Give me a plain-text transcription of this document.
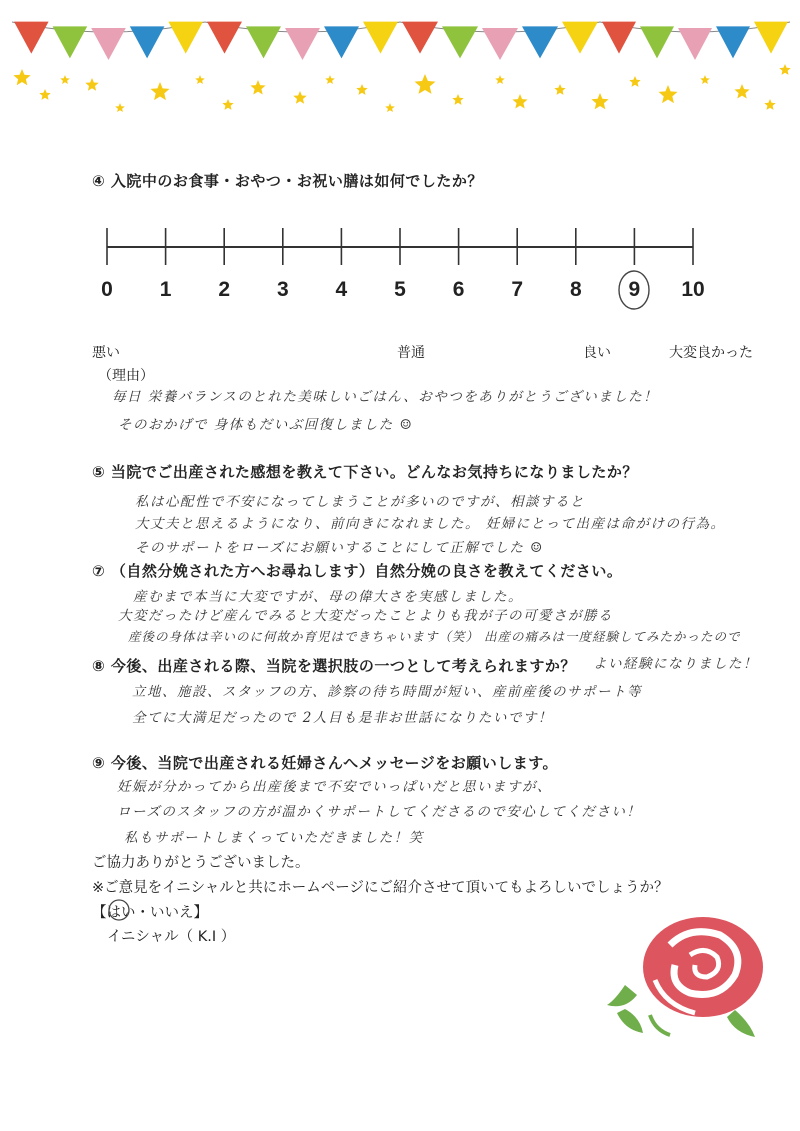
④ 入院中のお食事・おやつ・お祝い膳は如何でしたか？
0	1	2	3	4	5	6	7	8	9	10
悪い	普通	良い	大変良かった
（理由）
毎日 栄養バランスのとれた美味しいごはん、おやつをありがとうございました！
そのおかげで 身体もだいぶ回復しました ☺
⑤ 当院でご出産された感想を教えて下さい。どんなお気持ちになりましたか？
私は心配性で不安になってしまうことが多いのですが、相談すると
大丈夫と思えるようになり、前向きになれました。 妊婦にとって出産は命がけの行為。
そのサポートをローズにお願いすることにして正解でした ☺
⑦ （自然分娩された方へお尋ねします）自然分娩の良さを教えてください。
産むまで本当に大変ですが、母の偉大さを実感しました。
大変だったけど産んでみると大変だったことよりも我が子の可愛さが勝る
産後の身体は辛いのに何故か育児はできちゃいます（笑） 出産の痛みは一度経験してみたかったので
よい経験になりました！
⑧ 今後、出産される際、当院を選択肢の一つとして考えられますか？
立地、施設、スタッフの方、診察の待ち時間が短い、産前産後のサポート等
全てに大満足だったので 2人目も是非お世話になりたいです！
⑨ 今後、当院で出産される妊婦さんへメッセージをお願いします。
妊娠が分かってから出産後まで不安でいっぱいだと思いますが、
ローズのスタッフの方が温かくサポートしてくださるので安心してください！
私もサポートしまくっていただきました！笑
ご協力ありがとうございました。
※ご意見をイニシャルと共にホームページにご紹介させて頂いてもよろしいでしょうか？
【はい・いいえ】
イニシャル（ K.I ）
